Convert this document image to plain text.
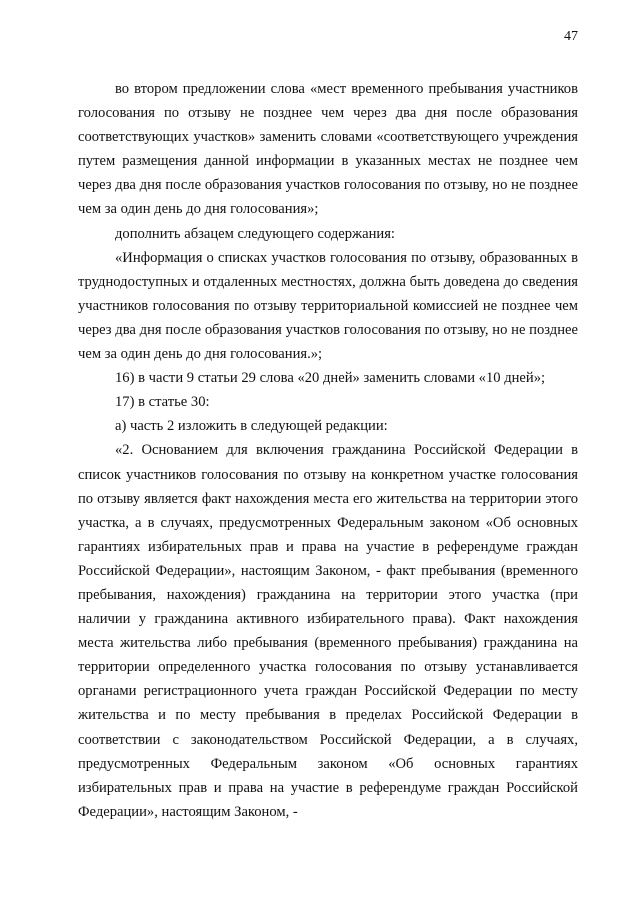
47

во втором предложении слова «мест временного пребывания участников голосования по отзыву не позднее чем через два дня после образования соответствующих участков» заменить словами «соответствующего учреждения путем размещения данной информации в указанных местах не позднее чем через два дня после образования участков голосования по отзыву, но не позднее чем за один день до дня голосования»;

дополнить абзацем следующего содержания:

«Информация о списках участков голосования по отзыву, образованных в труднодоступных и отдаленных местностях, должна быть доведена до сведения участников голосования по отзыву территориальной комиссией не позднее чем через два дня после образования участков голосования по отзыву, но не позднее чем за один день до дня голосования.»;

16) в части 9 статьи 29 слова «20 дней» заменить словами «10 дней»;

17) в статье 30:

а) часть 2 изложить в следующей редакции:

«2. Основанием для включения гражданина Российской Федерации в список участников голосования по отзыву на конкретном участке голосования по отзыву является факт нахождения места его жительства на территории этого участка, а в случаях, предусмотренных Федеральным законом «Об основных гарантиях избирательных прав и права на участие в референдуме граждан Российской Федерации», настоящим Законом, - факт пребывания (временного пребывания, нахождения) гражданина на территории этого участка (при наличии у гражданина активного избирательного права). Факт нахождения места жительства либо пребывания (временного пребывания) гражданина на территории определенного участка голосования по отзыву устанавливается органами регистрационного учета граждан Российской Федерации по месту жительства и по месту пребывания в пределах Российской Федерации в соответствии с законодательством Российской Федерации, а в случаях, предусмотренных Федеральным законом «Об основных гарантиях избирательных прав и права на участие в референдуме граждан Российской Федерации», настоящим Законом, -
